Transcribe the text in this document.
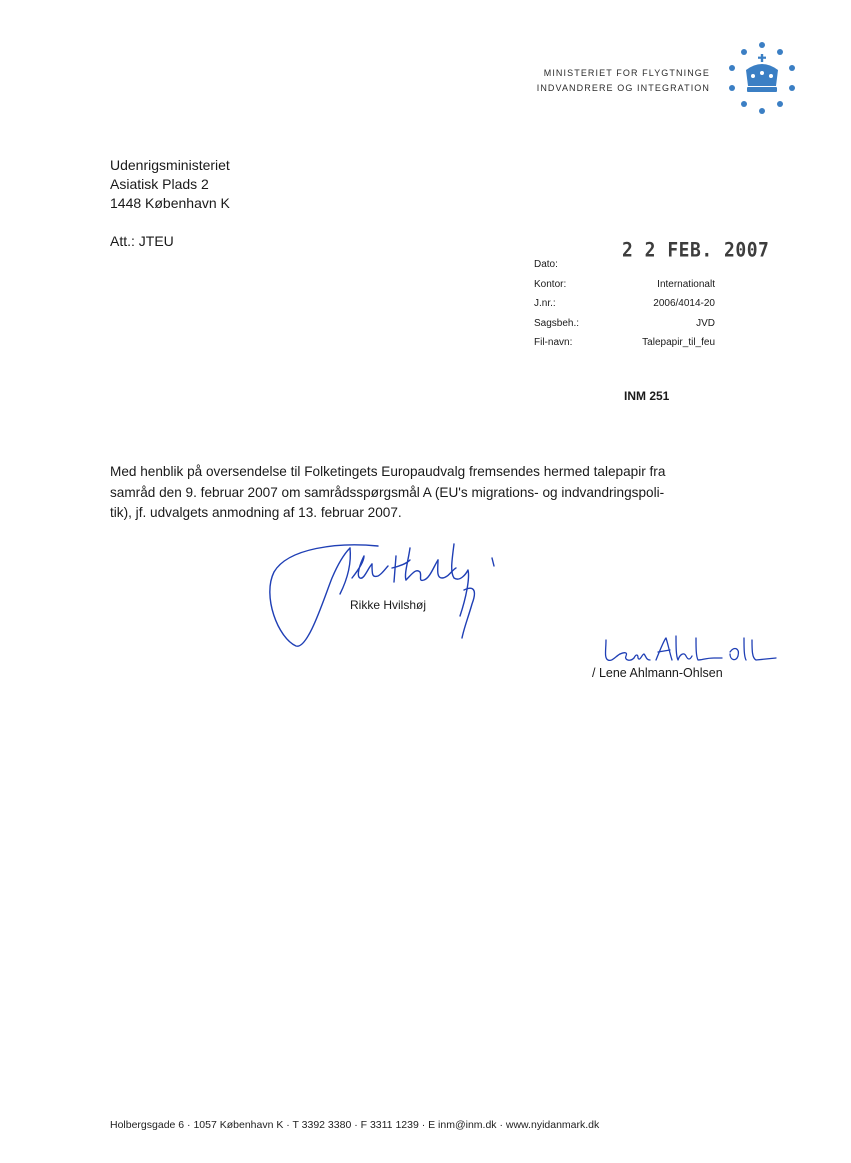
MINISTERIET FOR FLYGTNINGE
INDVANDRERE OG INTEGRATION
Udenrigsministeriet
Asiatisk Plads 2
1448 København K
Att.: JTEU
Dato:
Kontor:
J.nr.:
Sagsbeh.:
Fil-navn:
2 2 FEB. 2007

Internationalt
2006/4014-20
JVD
Talepapir_til_feu
INM 251

Med henblik på oversendelse til Folketingets Europaudvalg fremsendes hermed talepapir fra

samråd den 9. februar 2007 om samrådsspørgsmål A (EU's migrations- og indvandringspoli-

tik), jf. udvalgets anmodning af 13. februar 2007.

Rikke Hvilshøj
/ Lene Ahlmann-Ohlsen
Holbergsgade 6 · 1057 København K · T 3392 3380 · F 3311 1239 · E inm@inm.dk · www.nyidanmark.dk
